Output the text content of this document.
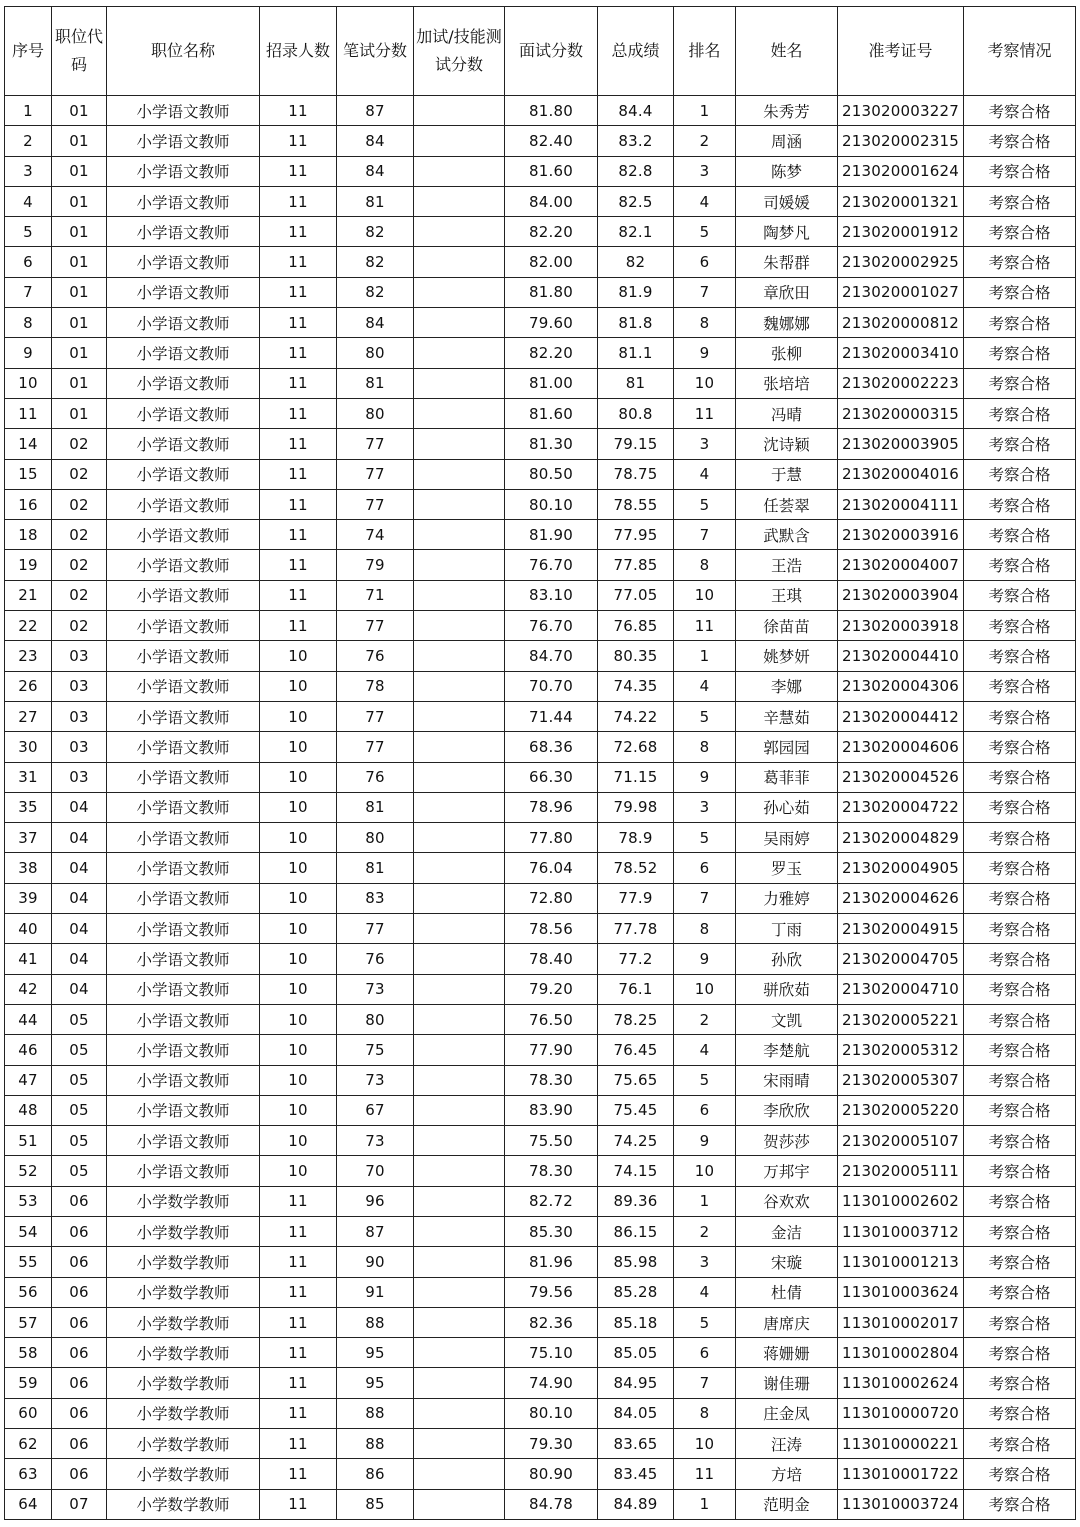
序号	职位代码	职位名称	招录人数	笔试分数	加试/技能测试分数	面试分数	总成绩	排名	姓名	准考证号	考察情况
1	01	小学语文教师	11	87		81.80	84.4	1	朱秀芳	213020003227	考察合格
2	01	小学语文教师	11	84		82.40	83.2	2	周涵	213020002315	考察合格
3	01	小学语文教师	11	84		81.60	82.8	3	陈梦	213020001624	考察合格
4	01	小学语文教师	11	81		84.00	82.5	4	司媛媛	213020001321	考察合格
5	01	小学语文教师	11	82		82.20	82.1	5	陶梦凡	213020001912	考察合格
6	01	小学语文教师	11	82		82.00	82	6	朱帮群	213020002925	考察合格
7	01	小学语文教师	11	82		81.80	81.9	7	章欣田	213020001027	考察合格
8	01	小学语文教师	11	84		79.60	81.8	8	魏娜娜	213020000812	考察合格
9	01	小学语文教师	11	80		82.20	81.1	9	张柳	213020003410	考察合格
10	01	小学语文教师	11	81		81.00	81	10	张培培	213020002223	考察合格
11	01	小学语文教师	11	80		81.60	80.8	11	冯晴	213020000315	考察合格
14	02	小学语文教师	11	77		81.30	79.15	3	沈诗颖	213020003905	考察合格
15	02	小学语文教师	11	77		80.50	78.75	4	于慧	213020004016	考察合格
16	02	小学语文教师	11	77		80.10	78.55	5	任荟翠	213020004111	考察合格
18	02	小学语文教师	11	74		81.90	77.95	7	武默含	213020003916	考察合格
19	02	小学语文教师	11	79		76.70	77.85	8	王浩	213020004007	考察合格
21	02	小学语文教师	11	71		83.10	77.05	10	王琪	213020003904	考察合格
22	02	小学语文教师	11	77		76.70	76.85	11	徐苗苗	213020003918	考察合格
23	03	小学语文教师	10	76		84.70	80.35	1	姚梦妍	213020004410	考察合格
26	03	小学语文教师	10	78		70.70	74.35	4	李娜	213020004306	考察合格
27	03	小学语文教师	10	77		71.44	74.22	5	辛慧茹	213020004412	考察合格
30	03	小学语文教师	10	77		68.36	72.68	8	郭园园	213020004606	考察合格
31	03	小学语文教师	10	76		66.30	71.15	9	葛菲菲	213020004526	考察合格
35	04	小学语文教师	10	81		78.96	79.98	3	孙心茹	213020004722	考察合格
37	04	小学语文教师	10	80		77.80	78.9	5	吴雨婷	213020004829	考察合格
38	04	小学语文教师	10	81		76.04	78.52	6	罗玉	213020004905	考察合格
39	04	小学语文教师	10	83		72.80	77.9	7	力雅婷	213020004626	考察合格
40	04	小学语文教师	10	77		78.56	77.78	8	丁雨	213020004915	考察合格
41	04	小学语文教师	10	76		78.40	77.2	9	孙欣	213020004705	考察合格
42	04	小学语文教师	10	73		79.20	76.1	10	骈欣茹	213020004710	考察合格
44	05	小学语文教师	10	80		76.50	78.25	2	文凯	213020005221	考察合格
46	05	小学语文教师	10	75		77.90	76.45	4	李楚航	213020005312	考察合格
47	05	小学语文教师	10	73		78.30	75.65	5	宋雨晴	213020005307	考察合格
48	05	小学语文教师	10	67		83.90	75.45	6	李欣欣	213020005220	考察合格
51	05	小学语文教师	10	73		75.50	74.25	9	贺莎莎	213020005107	考察合格
52	05	小学语文教师	10	70		78.30	74.15	10	万邦宇	213020005111	考察合格
53	06	小学数学教师	11	96		82.72	89.36	1	谷欢欢	113010002602	考察合格
54	06	小学数学教师	11	87		85.30	86.15	2	金洁	113010003712	考察合格
55	06	小学数学教师	11	90		81.96	85.98	3	宋璇	113010001213	考察合格
56	06	小学数学教师	11	91		79.56	85.28	4	杜倩	113010003624	考察合格
57	06	小学数学教师	11	88		82.36	85.18	5	唐席庆	113010002017	考察合格
58	06	小学数学教师	11	95		75.10	85.05	6	蒋姗姗	113010002804	考察合格
59	06	小学数学教师	11	95		74.90	84.95	7	谢佳珊	113010002624	考察合格
60	06	小学数学教师	11	88		80.10	84.05	8	庄金凤	113010000720	考察合格
62	06	小学数学教师	11	88		79.30	83.65	10	汪涛	113010000221	考察合格
63	06	小学数学教师	11	86		80.90	83.45	11	方培	113010001722	考察合格
64	07	小学数学教师	11	85		84.78	84.89	1	范明金	113010003724	考察合格
